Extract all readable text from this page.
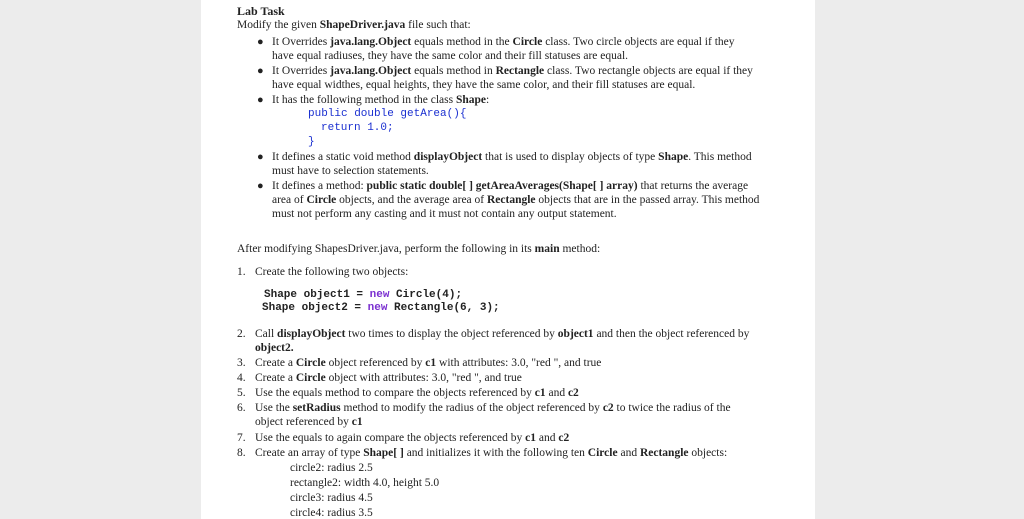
Lab Task
Modify the given ShapeDriver.java file such that:
● It Overrides java.lang.Object equals method in the Circle class. Two circle objects are equal if they
have equal radiuses, they have the same color and their fill statuses are equal.
● It Overrides java.lang.Object equals method in Rectangle class. Two rectangle objects are equal if they
have equal widthes, equal heights, they have the same color, and their fill statuses are equal.
● It has the following method in the class Shape:
public double getArea(){
return 1.0;
}
● It defines a static void method displayObject that is used to display objects of type Shape. This method
must have to selection statements.
● It defines a method: public static double[ ] getAreaAverages(Shape[ ] array) that returns the average
area of Circle objects, and the average area of Rectangle objects that are in the passed array. This method
must not perform any casting and it must not contain any output statement.
After modifying ShapesDriver.java, perform the following in its main method:
1. Create the following two objects:
Shape object1 = new Circle(4);
Shape object2 = new Rectangle(6, 3);
2. Call displayObject two times to display the object referenced by object1 and then the object referenced by
object2.
3. Create a Circle object referenced by c1 with attributes: 3.0, "red ", and true
4. Create a Circle object with attributes: 3.0, "red ", and true
5. Use the equals method to compare the objects referenced by c1 and c2
6. Use the setRadius method to modify the radius of the object referenced by c2 to twice the radius of the
object referenced by c1
7. Use the equals to again compare the objects referenced by c1 and c2
8. Create an array of type Shape[ ] and initializes it with the following ten Circle and Rectangle objects:
circle2: radius 2.5
rectangle2: width 4.0, height 5.0
circle3: radius 4.5
circle4: radius 3.5
